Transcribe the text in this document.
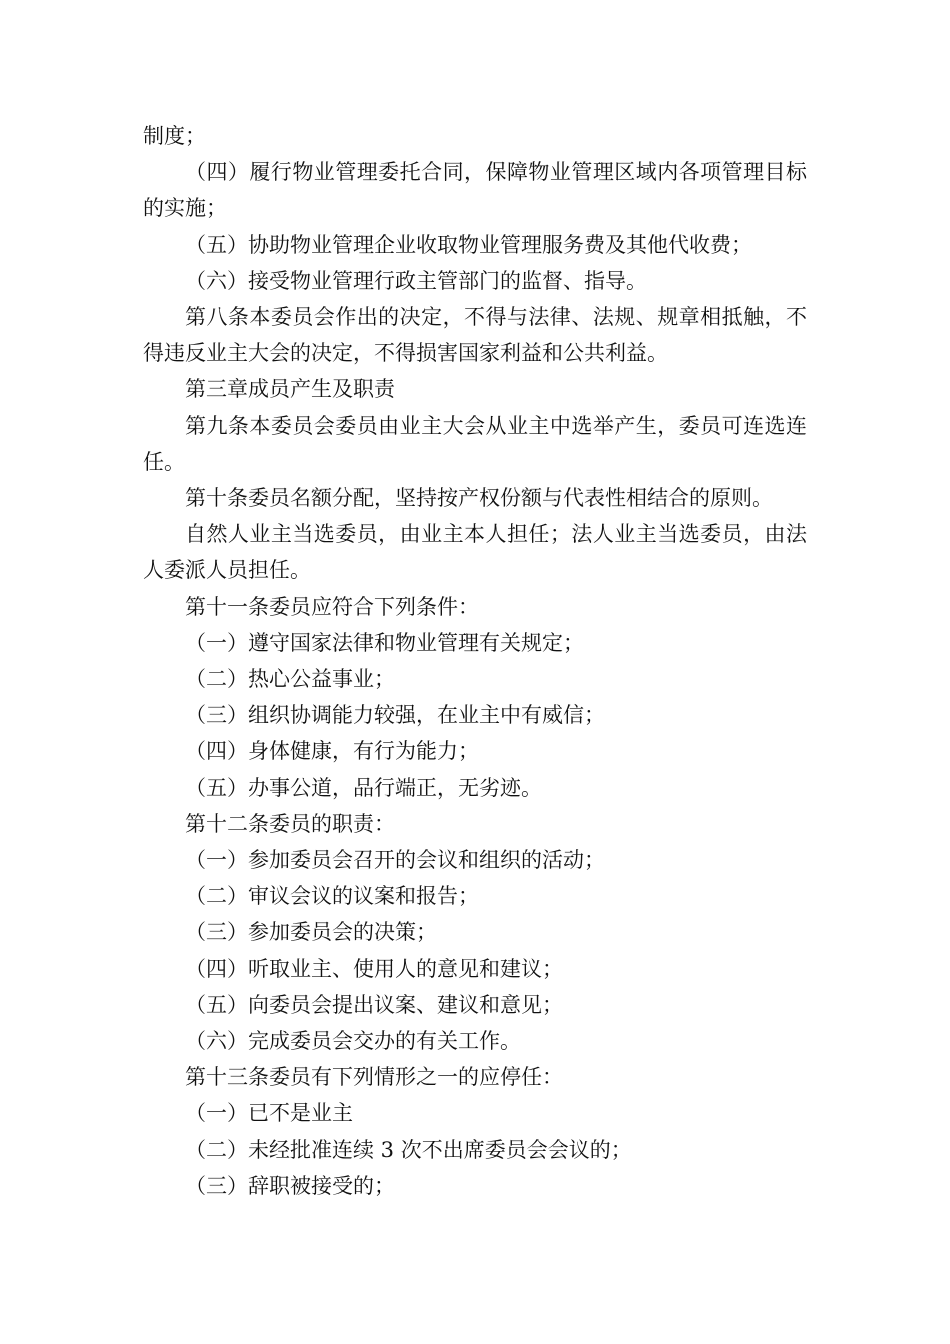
制度；

（四）履行物业管理委托合同，保障物业管理区域内各项管理目标的实施；

（五）协助物业管理企业收取物业管理服务费及其他代收费；

（六）接受物业管理行政主管部门的监督、指导。

第八条本委员会作出的决定，不得与法律、法规、规章相抵触，不得违反业主大会的决定，不得损害国家利益和公共利益。

第三章成员产生及职责

第九条本委员会委员由业主大会从业主中选举产生，委员可连选连任。

第十条委员名额分配，坚持按产权份额与代表性相结合的原则。

自然人业主当选委员，由业主本人担任；法人业主当选委员，由法人委派人员担任。

第十一条委员应符合下列条件：

（一）遵守国家法律和物业管理有关规定；

（二）热心公益事业；

（三）组织协调能力较强，在业主中有威信；

（四）身体健康，有行为能力；

（五）办事公道，品行端正，无劣迹。

第十二条委员的职责：

（一）参加委员会召开的会议和组织的活动；

（二）审议会议的议案和报告；

（三）参加委员会的决策；

（四）听取业主、使用人的意见和建议；

（五）向委员会提出议案、建议和意见；

（六）完成委员会交办的有关工作。

第十三条委员有下列情形之一的应停任：

（一）已不是业主

（二）未经批准连续 3 次不出席委员会会议的；

（三）辞职被接受的；
